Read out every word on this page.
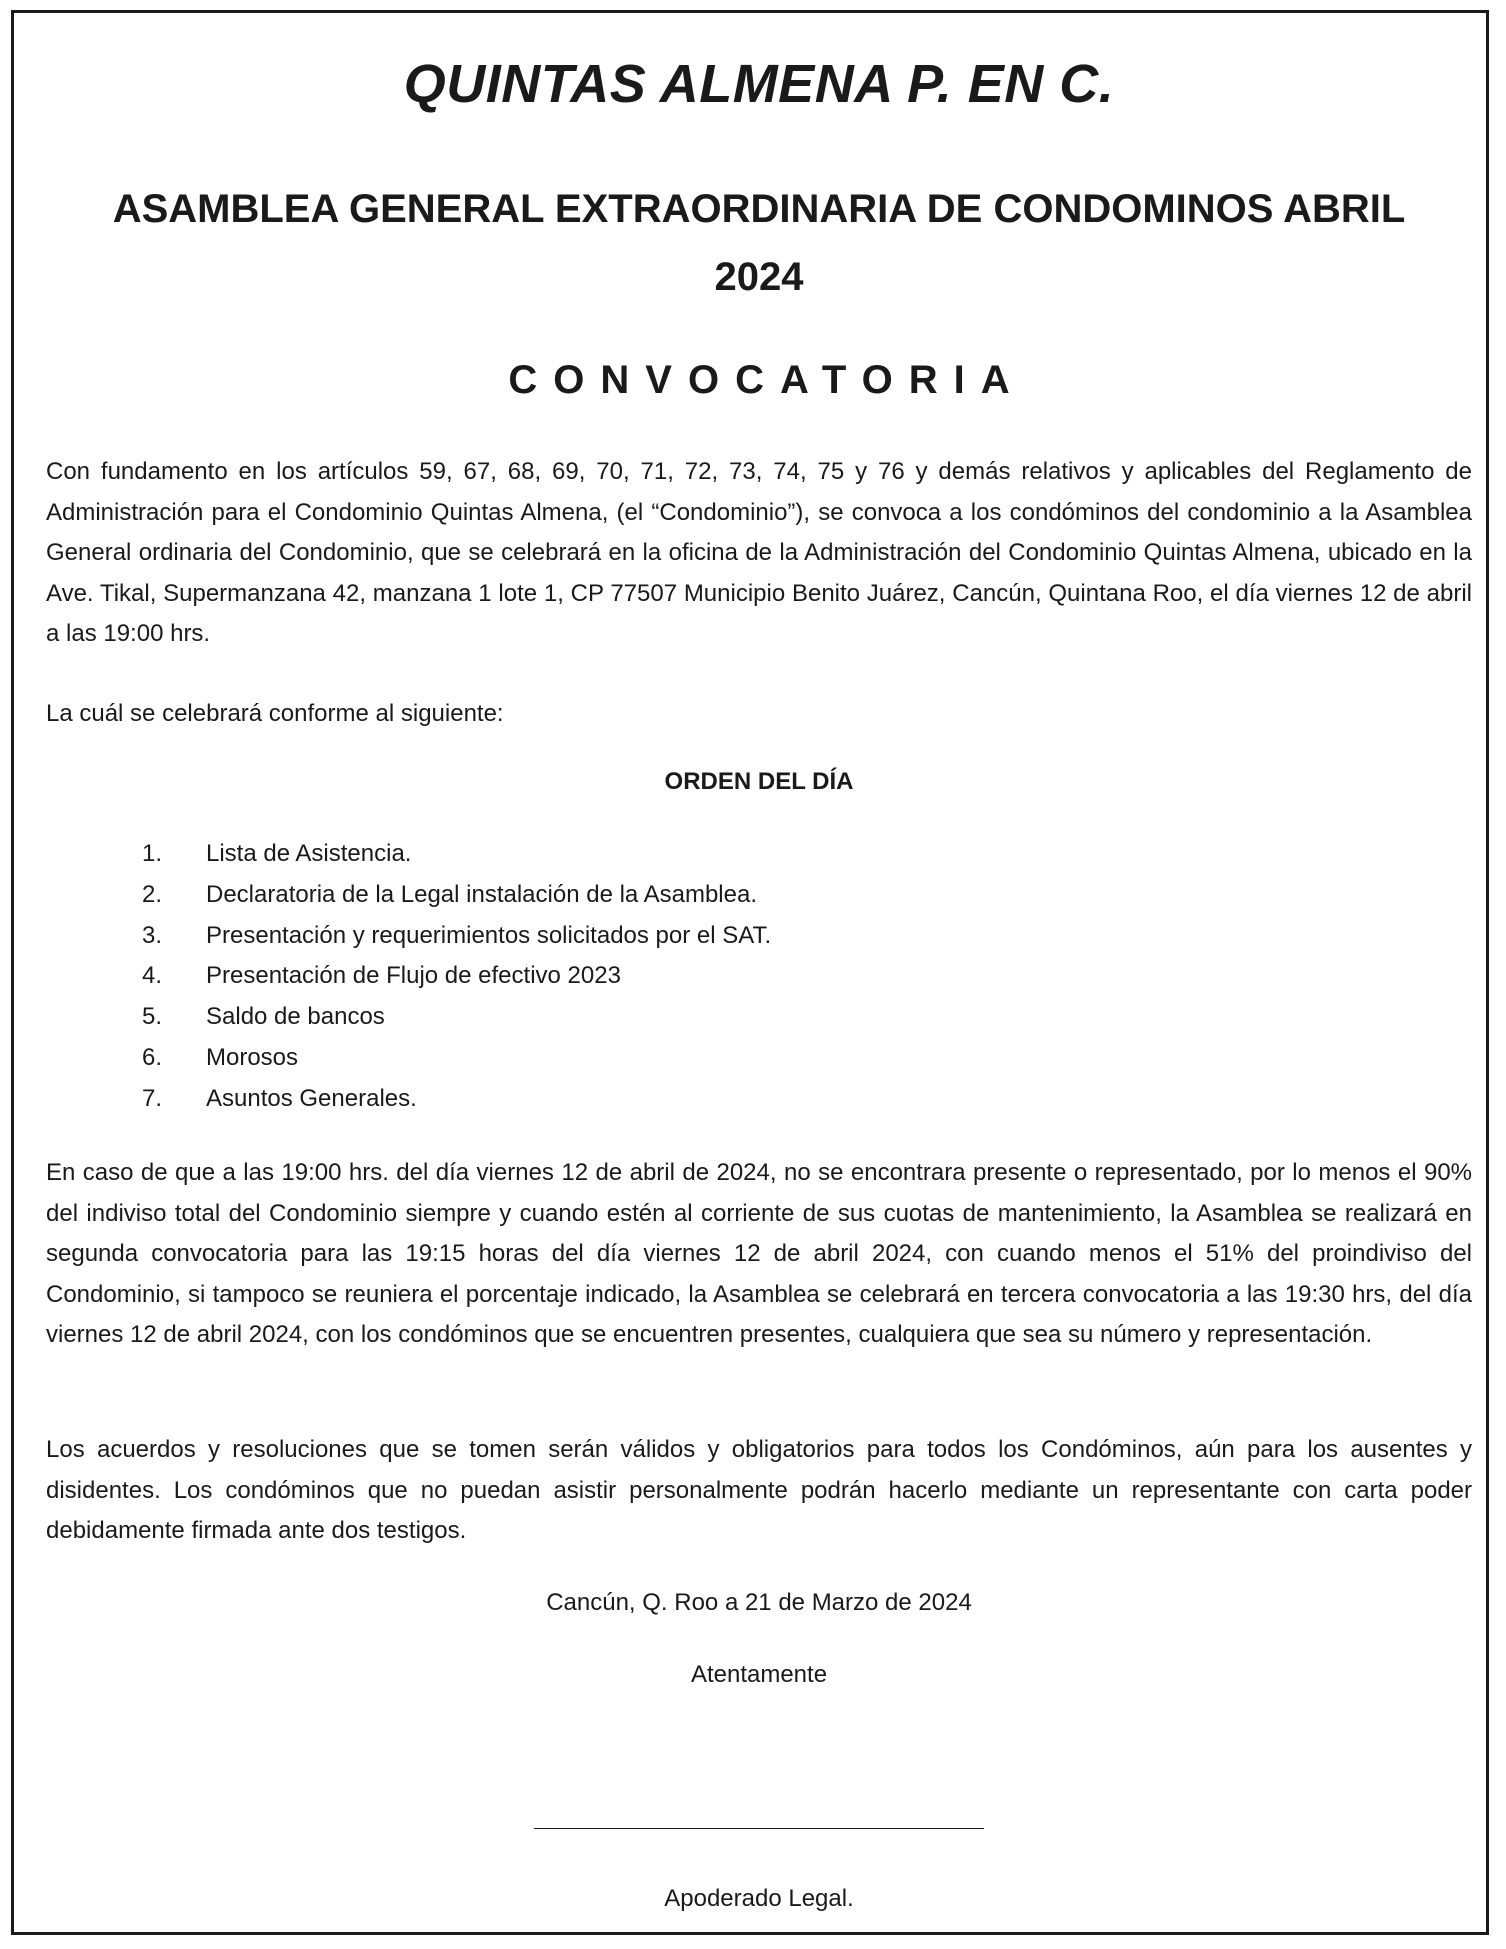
QUINTAS ALMENA P. EN C.
ASAMBLEA GENERAL EXTRAORDINARIA DE CONDOMINOS ABRIL
2024
CONVOCATORIA

Con fundamento en los artículos 59, 67, 68, 69, 70, 71, 72, 73, 74, 75 y 76 y demás relativos y aplicables del Reglamento de Administración para el Condominio Quintas Almena, (el “Condominio”), se convoca a los condóminos del condominio a la Asamblea General ordinaria del Condominio, que se celebrará en la oficina de la Administración del Condominio Quintas Almena, ubicado en la Ave. Tikal, Supermanzana 42, manzana 1 lote 1, CP 77507 Municipio Benito Juárez, Cancún, Quintana Roo, el día viernes 12 de abril a las 19:00 hrs.

La cuál se celebrará conforme al siguiente:

ORDEN DEL DÍA
1.	Lista de Asistencia.
2.	Declaratoria de la Legal instalación de la Asamblea.
3.	Presentación y requerimientos solicitados por el SAT.
4.	Presentación de Flujo de efectivo 2023
5.	Saldo de bancos
6.	Morosos
7.	Asuntos Generales.

En caso de que a las 19:00 hrs. del día viernes 12 de abril de 2024, no se encontrara presente o representado, por lo menos el 90% del indiviso total del Condominio siempre y cuando estén al corriente de sus cuotas de mantenimiento, la Asamblea se realizará en segunda convocatoria para las 19:15 horas del día viernes 12 de abril 2024, con cuando menos el 51% del proindiviso del Condominio, si tampoco se reuniera el porcentaje indicado, la Asamblea se celebrará en tercera convocatoria a las 19:30 hrs, del día viernes 12 de abril 2024, con los condóminos que se encuentren presentes, cualquiera que sea su número y representación.

Los acuerdos y resoluciones que se tomen serán válidos y obligatorios para todos los Condóminos, aún para los ausentes y disidentes. Los condóminos que no puedan asistir personalmente podrán hacerlo mediante un representante con carta poder debidamente firmada ante dos testigos.

Cancún, Q. Roo a 21 de Marzo de 2024
Atentamente
Apoderado Legal.
